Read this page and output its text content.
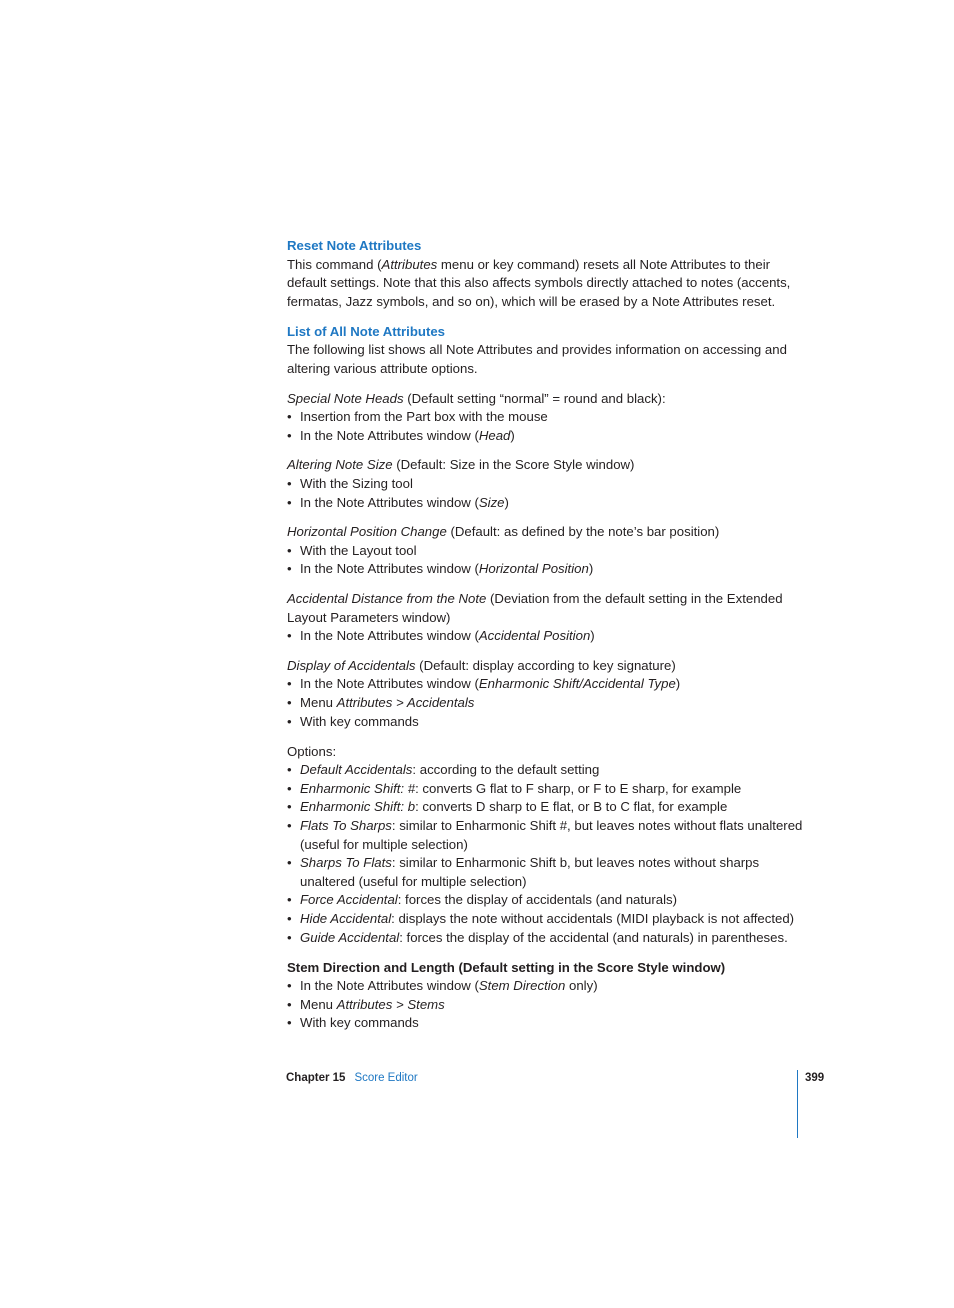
Reset Note Attributes

This command (Attributes menu or key command) resets all Note Attributes to their default settings. Note that this also affects symbols directly attached to notes (accents, fermatas, Jazz symbols, and so on), which will be erased by a Note Attributes reset.

List of All Note Attributes

The following list shows all Note Attributes and provides information on accessing and altering various attribute options.

Special Note Heads (Default setting “normal” = round and black):

• Insertion from the Part box with the mouse
• In the Note Attributes window (Head)

Altering Note Size (Default: Size in the Score Style window)

• With the Sizing tool
• In the Note Attributes window (Size)

Horizontal Position Change (Default: as defined by the note’s bar position)

• With the Layout tool
• In the Note Attributes window (Horizontal Position)

Accidental Distance from the Note (Deviation from the default setting in the Extended Layout Parameters window)

• In the Note Attributes window (Accidental Position)

Display of Accidentals (Default: display according to key signature)

• In the Note Attributes window (Enharmonic Shift/Accidental Type)
• Menu Attributes > Accidentals
• With key commands

Options:

• Default Accidentals: according to the default setting
• Enharmonic Shift: #: converts G flat to F sharp, or F to E sharp, for example
• Enharmonic Shift: b: converts D sharp to E flat, or B to C flat, for example
• Flats To Sharps: similar to Enharmonic Shift #, but leaves notes without flats unaltered (useful for multiple selection)
• Sharps To Flats: similar to Enharmonic Shift b, but leaves notes without sharps unaltered (useful for multiple selection)
• Force Accidental: forces the display of accidentals (and naturals)
• Hide Accidental: displays the note without accidentals (MIDI playback is not affected)
• Guide Accidental: forces the display of the accidental (and naturals) in parentheses.
Stem Direction and Length (Default setting in the Score Style window)
• In the Note Attributes window (Stem Direction only)
• Menu Attributes > Stems
• With key commands
Chapter 15 Score Editor	399
